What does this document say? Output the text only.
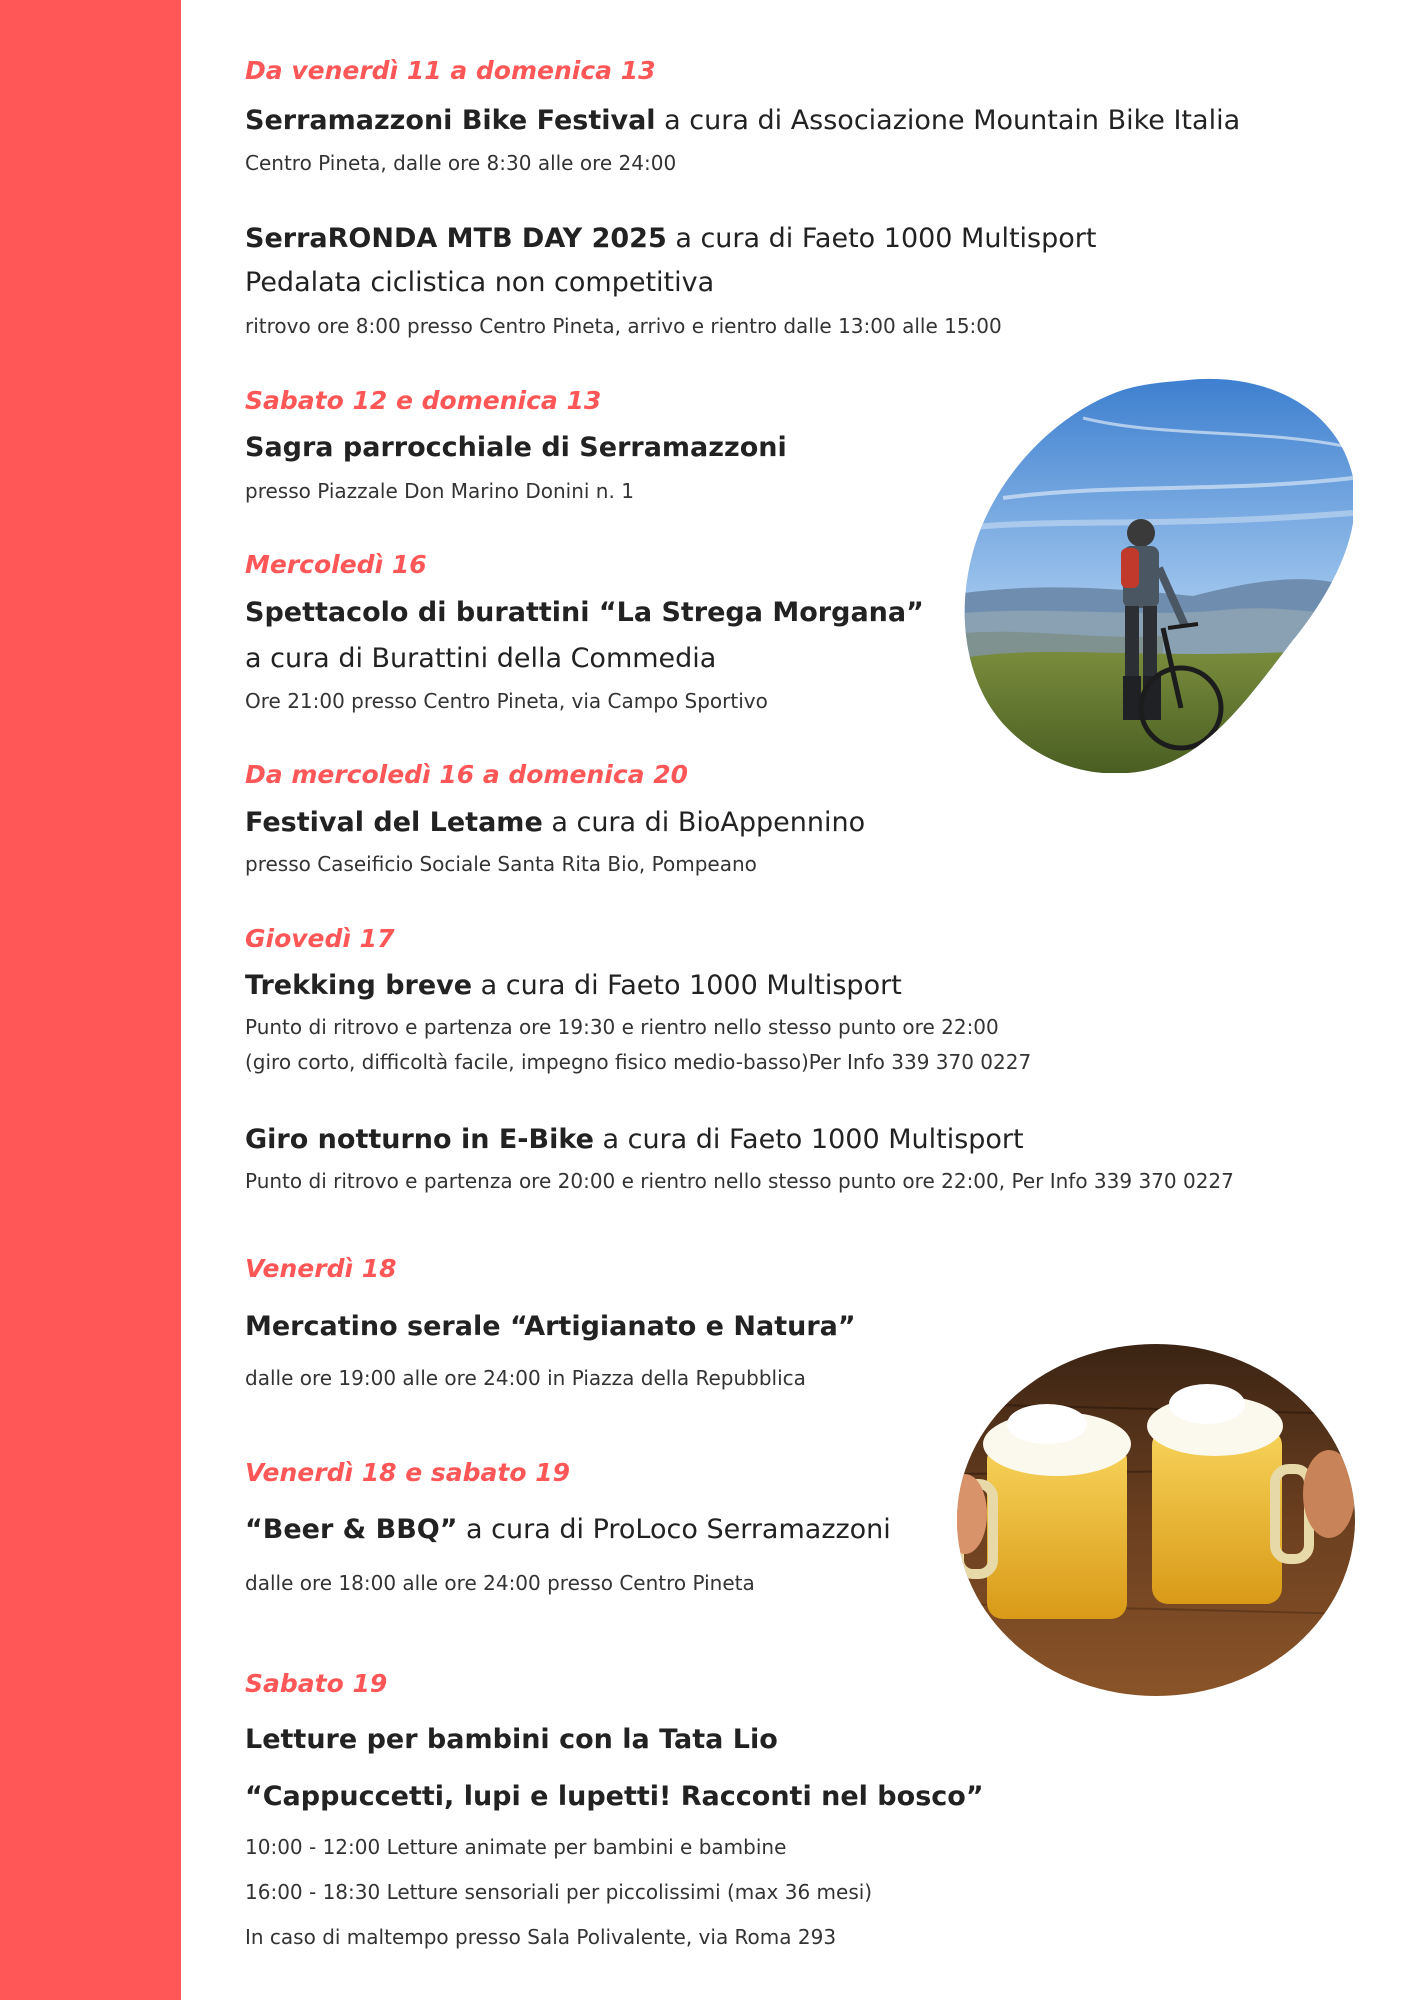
Da venerdì 11 a domenica 13
Serramazzoni Bike Festival a cura di Associazione Mountain Bike Italia
Centro Pineta, dalle ore 8:30 alle ore 24:00
SerraRONDA MTB DAY 2025 a cura di Faeto 1000 Multisport
Pedalata ciclistica non competitiva
ritrovo ore 8:00 presso Centro Pineta, arrivo e rientro dalle 13:00 alle 15:00
Sabato 12 e domenica 13
Sagra parrocchiale di Serramazzoni
presso Piazzale Don Marino Donini n. 1
Mercoledì 16
Spettacolo di burattini “La Strega Morgana”
a cura di Burattini della Commedia
Ore 21:00 presso Centro Pineta, via Campo Sportivo
Da mercoledì 16 a domenica 20
Festival del Letame a cura di BioAppennino
presso Caseificio Sociale Santa Rita Bio, Pompeano
Giovedì 17
Trekking breve a cura di Faeto 1000 Multisport
Punto di ritrovo e partenza ore 19:30 e rientro nello stesso punto ore 22:00
(giro corto, difficoltà facile, impegno fisico medio-basso)Per Info 339 370 0227
Giro notturno in E-Bike a cura di Faeto 1000 Multisport
Punto di ritrovo e partenza ore 20:00 e rientro nello stesso punto ore 22:00, Per Info 339 370 0227
Venerdì 18
Mercatino serale “Artigianato e Natura”
dalle ore 19:00 alle ore 24:00 in Piazza della Repubblica
Venerdì 18 e sabato 19
“Beer & BBQ” a cura di ProLoco Serramazzoni
dalle ore 18:00 alle ore 24:00 presso Centro Pineta
Sabato 19
Letture per bambini con la Tata Lio
“Cappuccetti, lupi e lupetti! Racconti nel bosco”
10:00 - 12:00 Letture animate per bambini e bambine
16:00 - 18:30 Letture sensoriali per piccolissimi (max 36 mesi)
In caso di maltempo presso Sala Polivalente, via Roma 293
